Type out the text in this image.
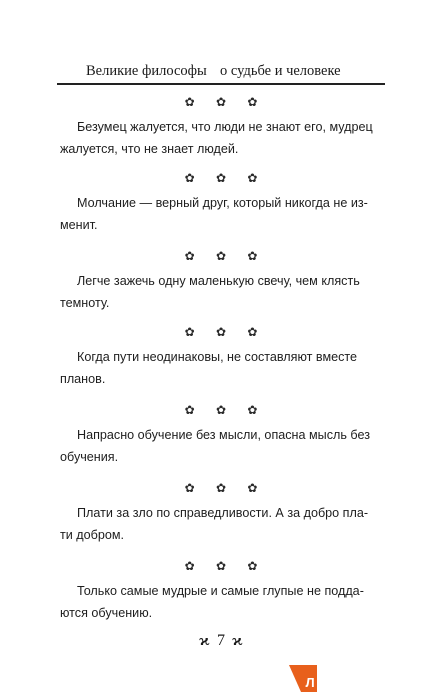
Великие философы о судьбе и человеке
✿ ✿ ✿
Безумец жалуется, что люди не знают его, мудрец
жалуется, что не знает людей.
✿ ✿ ✿
Молчание — верный друг, который никогда не из-
менит.
✿ ✿ ✿
Легче зажечь одну маленькую свечу, чем клясть
темноту.
✿ ✿ ✿
Когда пути неодинаковы, не составляют вместе
планов.
✿ ✿ ✿
Напрасно обучение без мысли, опасна мысль без
обучения.
✿ ✿ ✿
Плати за зло по справедливости. А за добро пла-
ти добром.
✿ ✿ ✿
Только самые мудрые и самые глупые не подда-
ются обучению.
ϰ 7 ϰ
Л
